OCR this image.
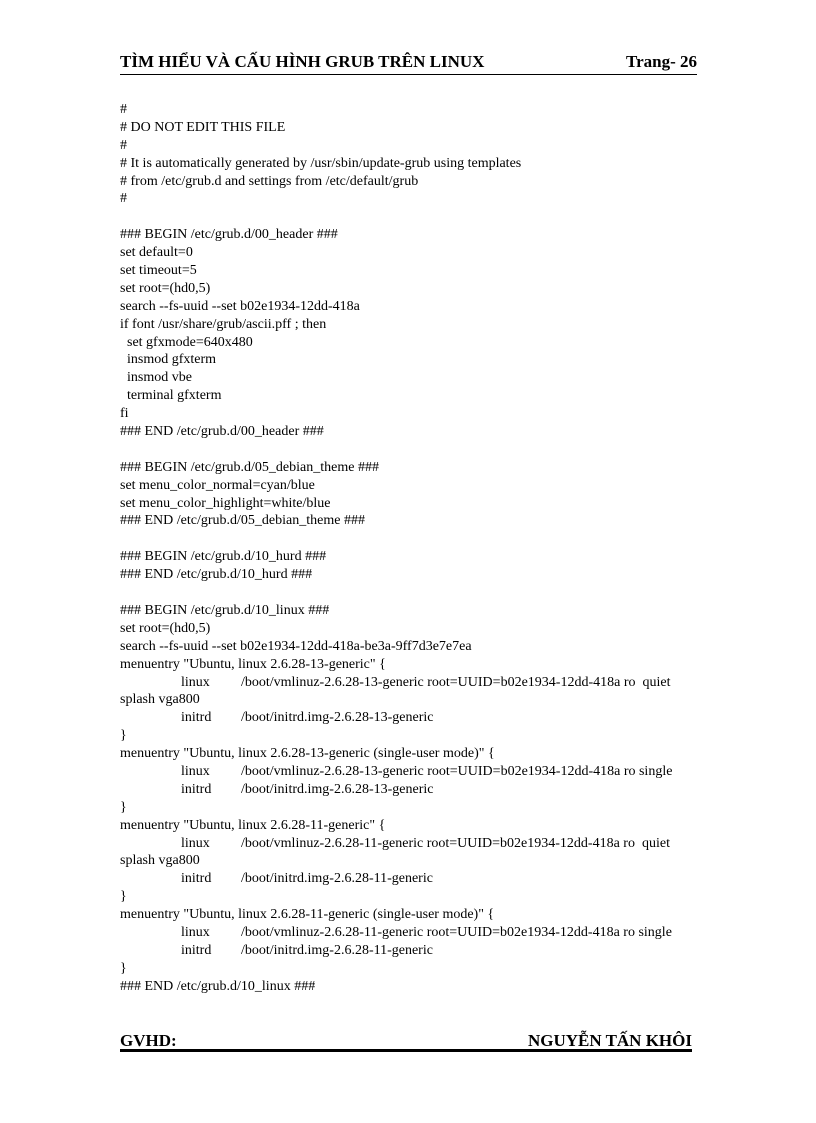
TÌM HIỂU VÀ CẤU HÌNH GRUB TRÊN LINUX	Trang- 26
#
# DO NOT EDIT THIS FILE
#
# It is automatically generated by /usr/sbin/update-grub using templates
# from /etc/grub.d and settings from /etc/default/grub
#
### BEGIN /etc/grub.d/00_header ###
set default=0
set timeout=5
set root=(hd0,5)
search --fs-uuid --set b02e1934-12dd-418a
if font /usr/share/grub/ascii.pff ; then
set gfxmode=640x480
insmod gfxterm
insmod vbe
terminal gfxterm
fi
### END /etc/grub.d/00_header ###
### BEGIN /etc/grub.d/05_debian_theme ###
set menu_color_normal=cyan/blue
set menu_color_highlight=white/blue
### END /etc/grub.d/05_debian_theme ###
### BEGIN /etc/grub.d/10_hurd ###
### END /etc/grub.d/10_hurd ###
### BEGIN /etc/grub.d/10_linux ###
set root=(hd0,5)
search --fs-uuid --set b02e1934-12dd-418a-be3a-9ff7d3e7e7ea
menuentry "Ubuntu, linux 2.6.28-13-generic" {
linux /boot/vmlinuz-2.6.28-13-generic root=UUID=b02e1934-12dd-418a ro  quiet
splash vga800
initrd /boot/initrd.img-2.6.28-13-generic
}
menuentry "Ubuntu, linux 2.6.28-13-generic (single-user mode)" {
linux /boot/vmlinuz-2.6.28-13-generic root=UUID=b02e1934-12dd-418a ro single
initrd /boot/initrd.img-2.6.28-13-generic
}
menuentry "Ubuntu, linux 2.6.28-11-generic" {
linux /boot/vmlinuz-2.6.28-11-generic root=UUID=b02e1934-12dd-418a ro  quiet
splash vga800
initrd /boot/initrd.img-2.6.28-11-generic
}
menuentry "Ubuntu, linux 2.6.28-11-generic (single-user mode)" {
linux /boot/vmlinuz-2.6.28-11-generic root=UUID=b02e1934-12dd-418a ro single
initrd /boot/initrd.img-2.6.28-11-generic
}
### END /etc/grub.d/10_linux ###
GVHD:	NGUYỄN TẤN KHÔI
